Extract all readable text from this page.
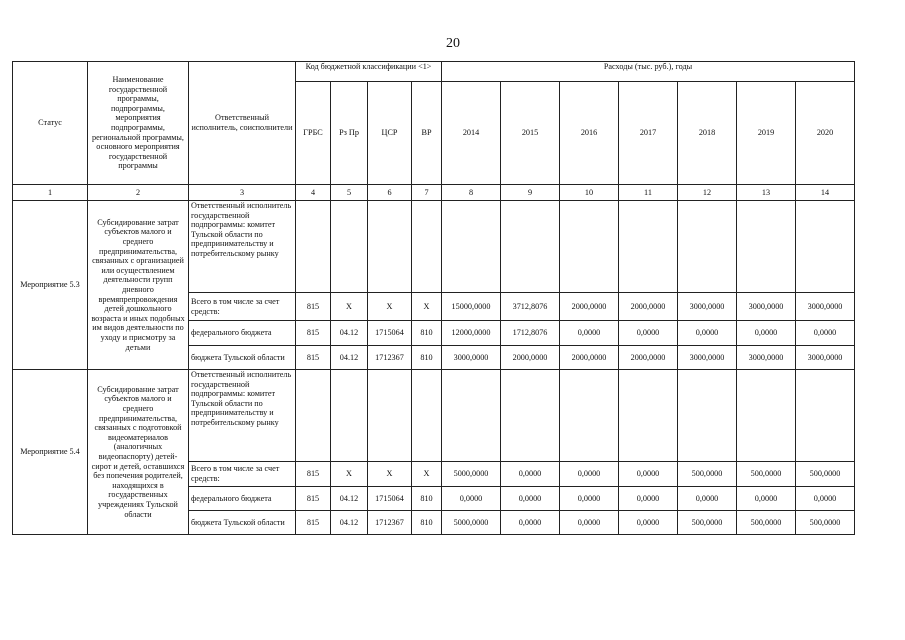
20
Статус	Наименование государственной программы, подпрограммы, мероприятия подпрограммы, региональной программы, основного мероприятия государственной программы	Ответственный исполнитель, соисполнители	Код бюджетной классификации <1>				Расходы (тыс. руб.), годы						
			ГРБС	Рз Пр	ЦСР	ВР	2014	2015	2016	2017	2018	2019	2020
1	2	3	4	5	6	7	8	9	10	11	12	13	14
Мероприятие 5.3	Субсидирование затрат субъектов малого и среднего предпринимательства, связанных с организацией или осуществлением деятельности групп дневного времяпрепровождения детей дошкольного возраста и иных подобных им видов деятельности по уходу и присмотру за детьми	Ответственный исполнитель государственной подпрограммы: комитет Тульской области по предпринимательству и потребительскому рынку											
		Всего в том числе за счет средств:	815	Х	Х	Х	15000,0000	3712,8076	2000,0000	2000,0000	3000,0000	3000,0000	3000,0000
		федерального бюджета	815	04.12	1715064	810	12000,0000	1712,8076	0,0000	0,0000	0,0000	0,0000	0,0000
		бюджета Тульской области	815	04.12	1712367	810	3000,0000	2000,0000	2000,0000	2000,0000	3000,0000	3000,0000	3000,0000
Мероприятие 5.4	Субсидирование затрат субъектов малого и среднего предпринимательства, связанных с подготовкой видеоматериалов (аналогичных видеопаспорту) детей-сирот и детей, оставшихся без попечения родителей, находящихся в государственных учреждениях Тульской области	Ответственный исполнитель государственной подпрограммы: комитет Тульской области по предпринимательству и потребительскому рынку											
		Всего в том числе за счет средств:	815	Х	Х	Х	5000,0000	0,0000	0,0000	0,0000	500,0000	500,0000	500,0000
		федерального бюджета	815	04.12	1715064	810	0,0000	0,0000	0,0000	0,0000	0,0000	0,0000	0,0000
		бюджета Тульской области	815	04.12	1712367	810	5000,0000	0,0000	0,0000	0,0000	500,0000	500,0000	500,0000
